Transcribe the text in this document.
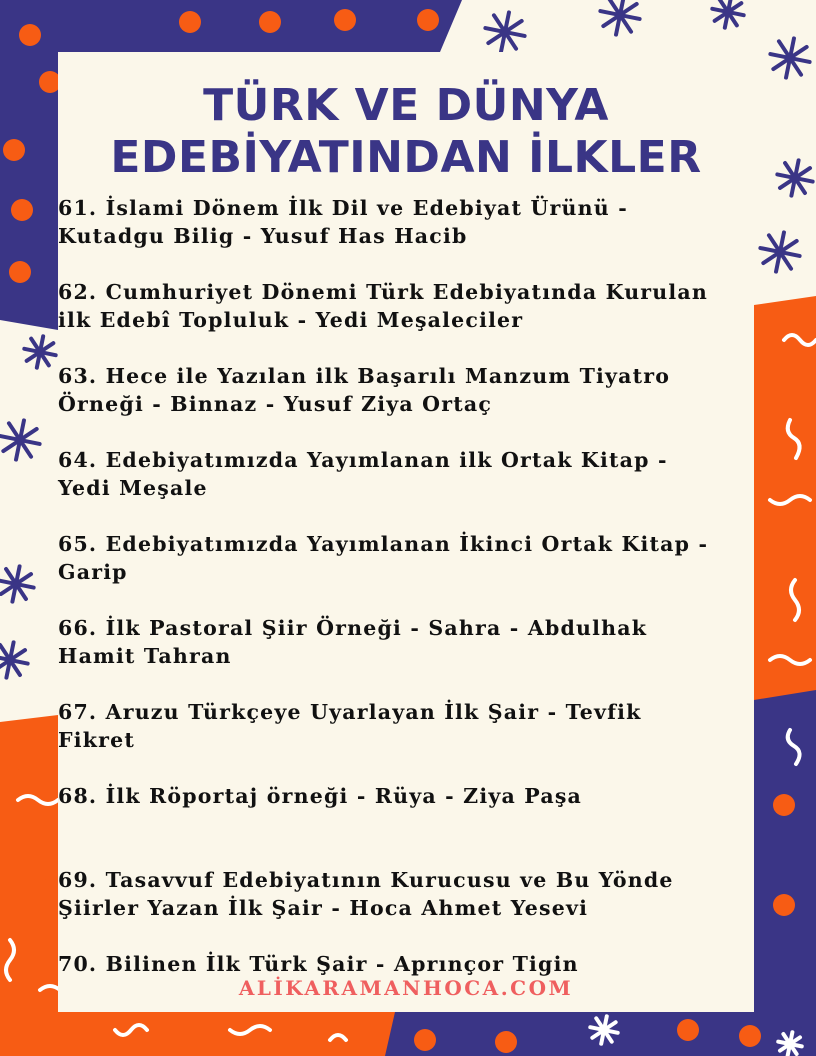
TÜRK VE DÜNYA
EDEBİYATINDAN İLKLER
61. İslami Dönem İlk Dil ve Edebiyat Ürünü -
Kutadgu Bilig - Yusuf Has Hacib
62. Cumhuriyet Dönemi Türk Edebiyatında Kurulan
ilk Edebî Topluluk - Yedi Meşaleciler
63. Hece ile Yazılan ilk Başarılı Manzum Tiyatro
Örneği - Binnaz - Yusuf Ziya Ortaç
64. Edebiyatımızda Yayımlanan ilk Ortak Kitap -
Yedi Meşale
65. Edebiyatımızda Yayımlanan İkinci Ortak Kitap -
Garip
66. İlk Pastoral Şiir Örneği - Sahra - Abdulhak
Hamit Tahran
67. Aruzu Türkçeye Uyarlayan İlk Şair - Tevfik
Fikret
68. İlk Röportaj örneği - Rüya - Ziya Paşa
69. Tasavvuf Edebiyatının Kurucusu ve Bu Yönde
Şiirler Yazan İlk Şair - Hoca Ahmet Yesevi
70. Bilinen İlk Türk Şair - Aprınçor Tigin
ALİKARAMANHOCA.COM
